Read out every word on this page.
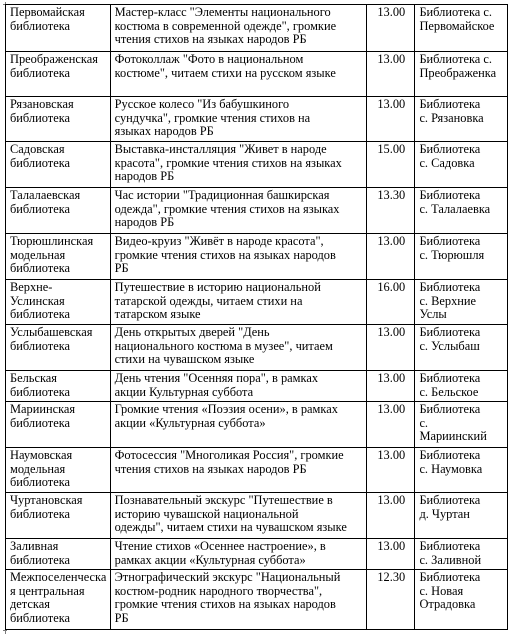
Первомайская
библиотека	Мастер-класс "Элементы национального
костюма в современной одежде", громкие
чтения стихов на языках народов РБ	13.00	Библиотека с.
Первомайское
Преображенская библиотека	Фотоколлаж "Фото в национальном
костюме", читаем стихи на русском языке	13.00	Библиотека с.
Преображенка
Рязановская
библиотека	Русское колесо "Из бабушкиного
сундучка", громкие чтения стихов на
языках народов РБ	13.00	Библиотека
с. Рязановка
Садовская
библиотека	Выставка-инсталляция "Живет в народе
красота", громкие чтения стихов на языках
народов РБ	15.00	Библиотека
с. Садовка
Талалаевская
библиотека	Час истории "Традиционная башкирская
одежда", громкие чтения стихов на языках
народов РБ	13.30	Библиотека
с. Талалаевка
Тюрюшлинская
модельная
библиотека	Видео-круиз "Живёт в народе красота",
громкие чтения стихов на языках народов
РБ	13.00	Библиотека
с. Тюрюшля
Верхне-
Услинская
библиотека	Путешествие в историю национальной
татарской одежды, читаем стихи на
татарском языке	16.00	Библиотека
с. Верхние
Услы
Услыбашевская
библиотека	День открытых дверей "День
национального костюма в музее", читаем
стихи на чувашском языке	13.00	Библиотека
с. Услыбаш
Бельская
библиотека	День чтения "Осенняя пора", в рамках
акции Культурная суббота	13.00	Библиотека
с. Бельское
Мариинская
библиотека	Громкие чтения «Поэзия осени», в рамках
акции «Культурная суббота»	13.00	Библиотека
с.
Мариинский
Наумовская
модельная
библиотека	Фотосессия "Многоликая Россия", громкие
чтения стихов на языках народов РБ	13.00	Библиотека
с. Наумовка
Чуртановская
библиотека	Познавательный экскурс "Путешествие в
историю чувашской национальной
одежды", читаем стихи на чувашском языке	13.00	Библиотека
д. Чуртан
Заливная
библиотека	Чтение стихов «Осеннее настроение», в
рамках акции «Культурная суббота»	13.00	Библиотека
с. Заливной
Межпоселенческая центральная
детская
библиотека	Этнографический экскурс "Национальный
костюм-родник народного творчества",
громкие чтения стихов на языках народов
РБ	12.30	Библиотека
с. Новая
Отрадовка
